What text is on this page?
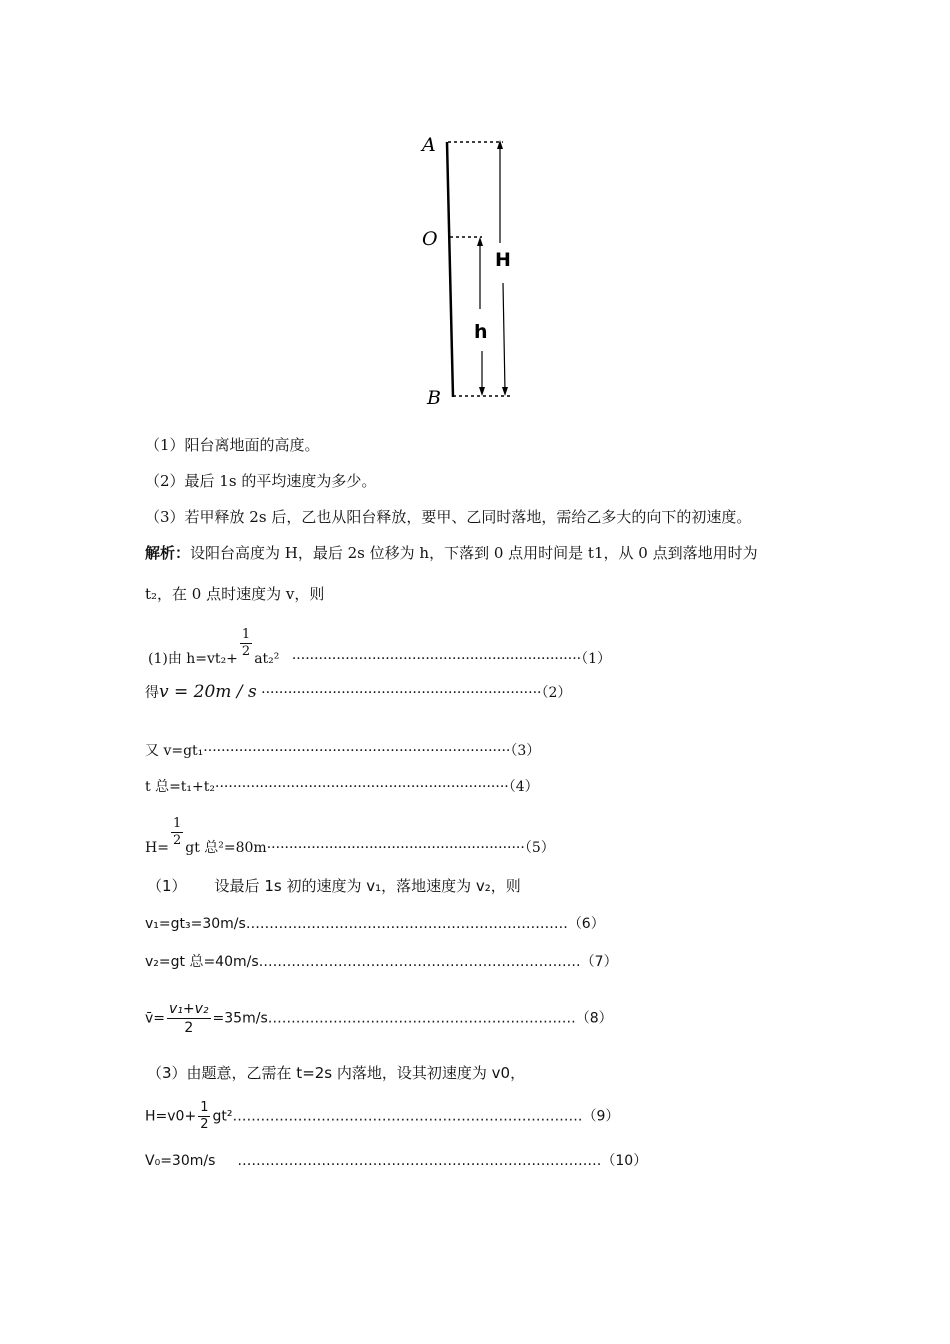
A
O
B
H
h
（1）阳台离地面的高度。
（2）最后 1s 的平均速度为多少。
（3）若甲释放 2s 后，乙也从阳台释放，要甲、乙同时落地，需给乙多大的向下的初速度。
解析：设阳台高度为 H，最后 2s 位移为 h，下落到 0 点用时间是 t1，从 0 点到落地用时为
t₂，在 0 点时速度为 v，则
(1)由 $h=vt_2+ \frac{1}{2} at_2^2 \cdot\cdot\cdot\cdot\cdot\cdot\cdot\cdot\cdot\cdot\cdot\cdot\cdot\cdot\cdot\cdot\cdot\cdot\cdot\cdot\cdot\cdot\cdot\cdot\cdot\cdot\cdot\cdot\cdot\cdot\cdot\cdot\cdot\cdot\cdot\cdot\cdot\cdot\cdot\cdot\cdot\cdot\cdot\cdot\cdot\cdot\cdot\cdot\cdot\cdot\cdot\cdot\cdot\cdot\cdot\cdot\cdot\cdot\cdot\cdot\cdot\cdot\cdot\cdot\cdot(1)$
得v = 20m / s ·······························································（2）
又 v=gt₁·····································································（3）
t 总=t₁+t₂··································································（4）
$H= \frac{1}{2}$ gt 总²=80m··························································（5）
（1） 设最后 1s 初的速度为 v₁，落地速度为 v₂，则
v₁=gt₃=30m/s……………………………………………………………（6）
v₂=gt 总=40m/s……………………………………………………………（7）
v̄= $\frac{\text{v₁+v₂}}{2}$ =35m/s…………………………………………………………（8）
（3）由题意，乙需在 t=2s 内落地，设其初速度为 v0，
$H=v0+ \frac{1}{2}$ gt²…………………………………………………………………（9）
V₀=30m/s ……………………………………………………………………（10）
